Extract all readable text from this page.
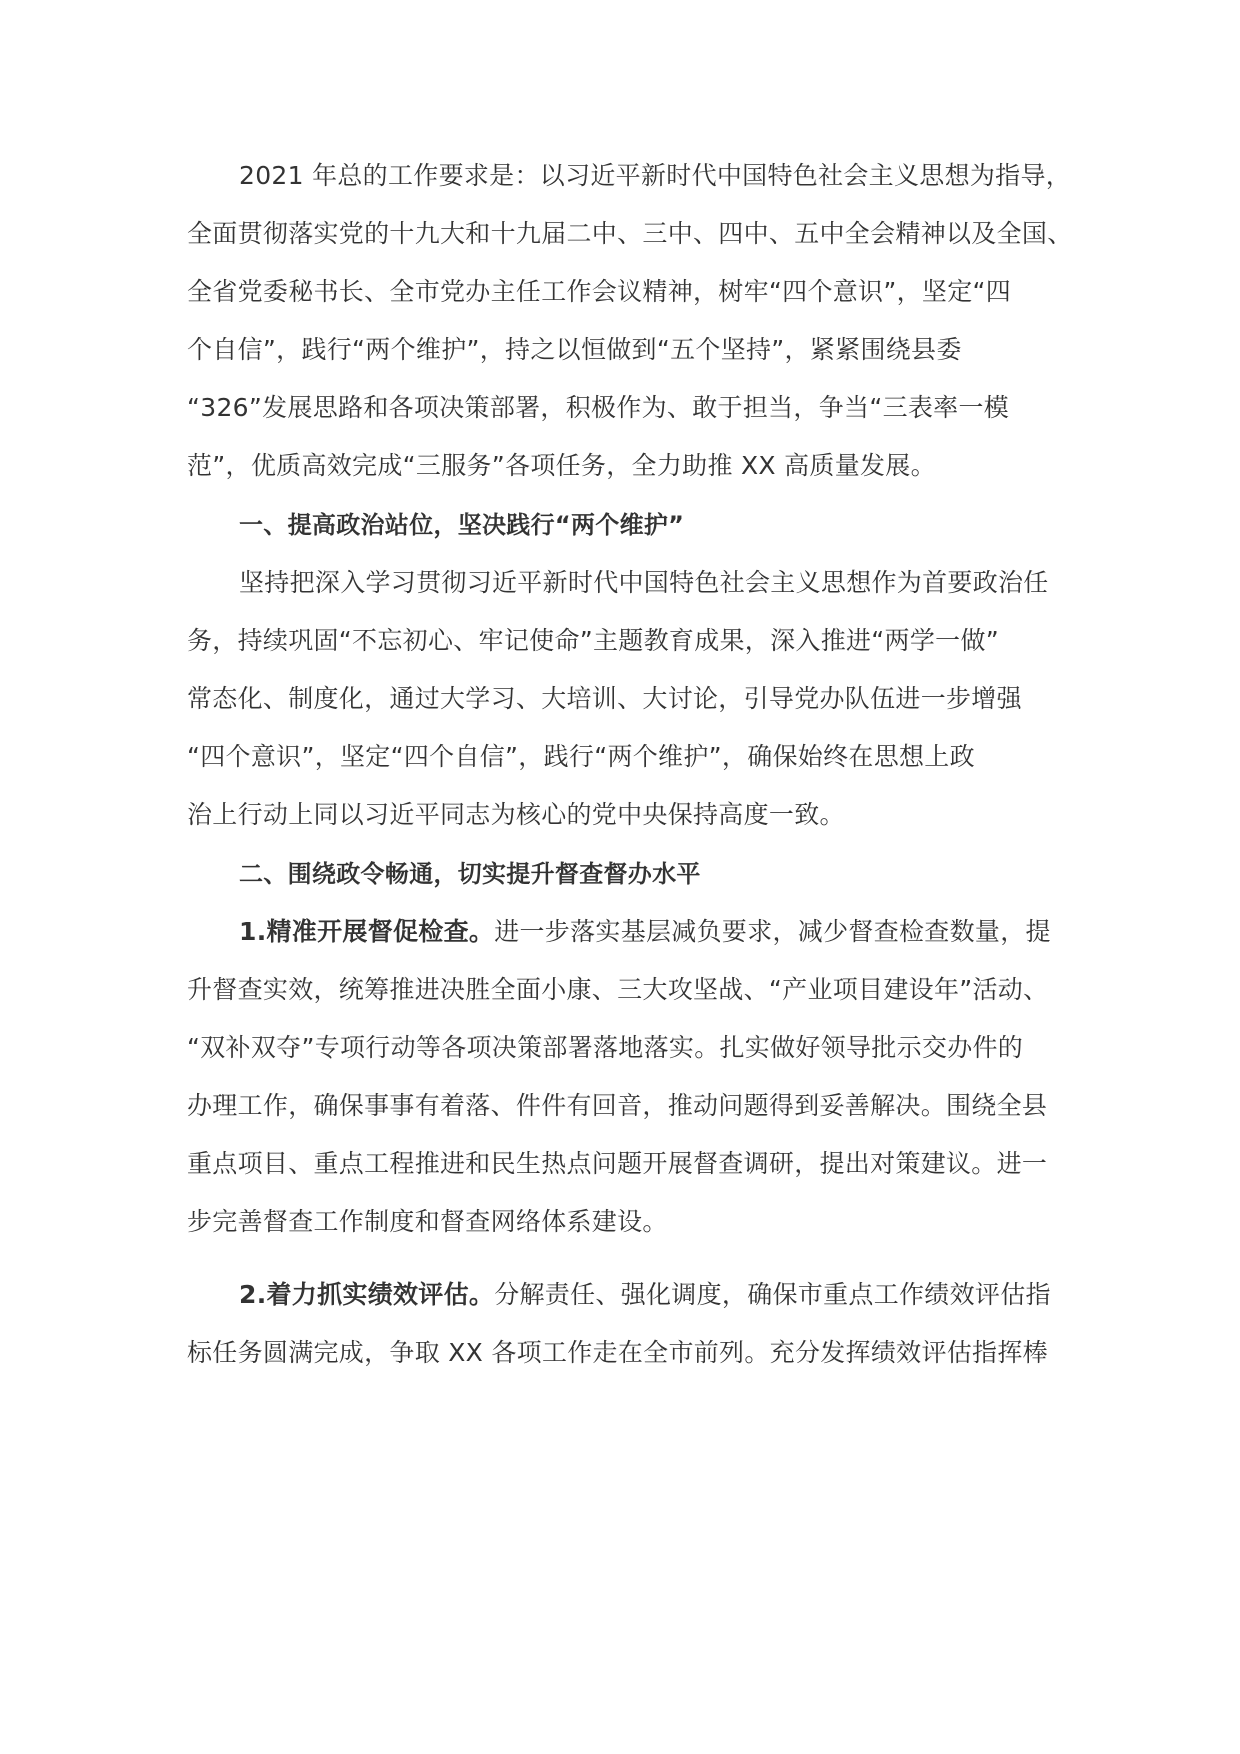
2021 年总的工作要求是：以习近平新时代中国特色社会主义思想为指导，
全面贯彻落实党的十九大和十九届二中、三中、四中、五中全会精神以及全国、
全省党委秘书长、全市党办主任工作会议精神，树牢“四个意识”，坚定“四
个自信”，践行“两个维护”，持之以恒做到“五个坚持”，紧紧围绕县委
“326”发展思路和各项决策部署，积极作为、敢于担当，争当“三表率一模
范”，优质高效完成“三服务”各项任务，全力助推 XX 高质量发展。
一、提高政治站位，坚决践行“两个维护”
坚持把深入学习贯彻习近平新时代中国特色社会主义思想作为首要政治任
务，持续巩固“不忘初心、牢记使命”主题教育成果，深入推进“两学一做”
常态化、制度化，通过大学习、大培训、大讨论，引导党办队伍进一步增强
“四个意识”，坚定“四个自信”，践行“两个维护”，确保始终在思想上政
治上行动上同以习近平同志为核心的党中央保持高度一致。
二、围绕政令畅通，切实提升督查督办水平
1.精准开展督促检查。进一步落实基层减负要求，减少督查检查数量，提
升督查实效，统筹推进决胜全面小康、三大攻坚战、“产业项目建设年”活动、
“双补双夺”专项行动等各项决策部署落地落实。扎实做好领导批示交办件的
办理工作，确保事事有着落、件件有回音，推动问题得到妥善解决。围绕全县
重点项目、重点工程推进和民生热点问题开展督查调研，提出对策建议。进一
步完善督查工作制度和督查网络体系建设。
2.着力抓实绩效评估。分解责任、强化调度，确保市重点工作绩效评估指
标任务圆满完成，争取 XX 各项工作走在全市前列。充分发挥绩效评估指挥棒
